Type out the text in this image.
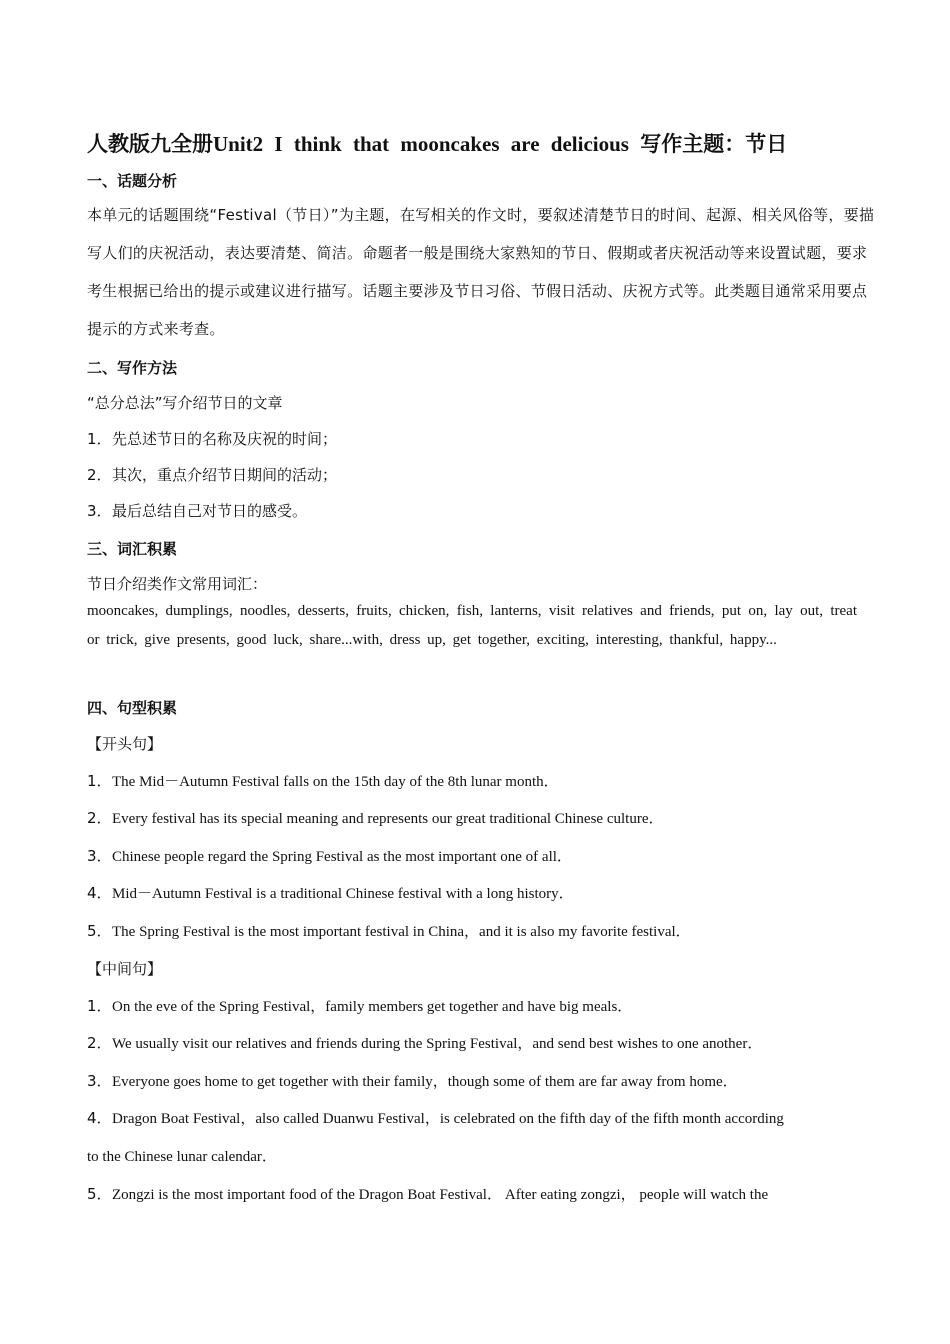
人教版九全册Unit2 I think that mooncakes are delicious 写作主题：节日
一、话题分析
本单元的话题围绕“Festival（节日）”为主题，在写相关的作文时，要叙述清楚节日的时间、起源、相关风俗等，要描写人们的庆祝活动，表达要清楚、简洁。命题者一般是围绕大家熟知的节日、假期或者庆祝活动等来设置试题，要求考生根据已给出的提示或建议进行描写。话题主要涉及节日习俗、节假日活动、庆祝方式等。此类题目通常采用要点提示的方式来考查。
二、写作方法
“总分总法”写介绍节日的文章
1．先总述节日的名称及庆祝的时间；
2．其次，重点介绍节日期间的活动；
3．最后总结自己对节日的感受。
三、词汇积累
节日介绍类作文常用词汇：
mooncakes, dumplings, noodles, desserts, fruits, chicken, fish, lanterns, visit relatives and friends, put on, lay out, treat or trick, give presents, good luck, share...with, dress up, get together, exciting, interesting, thankful, happy...
四、句型积累
【开头句】
1．The Mid－Autumn Festival falls on the 15th day of the 8th lunar month．
2．Every festival has its special meaning and represents our great traditional Chinese culture．
3．Chinese people regard the Spring Festival as the most important one of all．
4．Mid－Autumn Festival is a traditional Chinese festival with a long history．
5．The Spring Festival is the most important festival in China，and it is also my favorite festival．
【中间句】
1．On the eve of the Spring Festival，family members get together and have big meals．
2．We usually visit our relatives and friends during the Spring Festival，and send best wishes to one another．
3．Everyone goes home to get together with their family，though some of them are far away from home．
4．Dragon Boat Festival，also called Duanwu Festival，is celebrated on the fifth day of the fifth month according
to the Chinese lunar calendar．
5．Zongzi is the most important food of the Dragon Boat Festival． After eating zongzi， people will watch the
